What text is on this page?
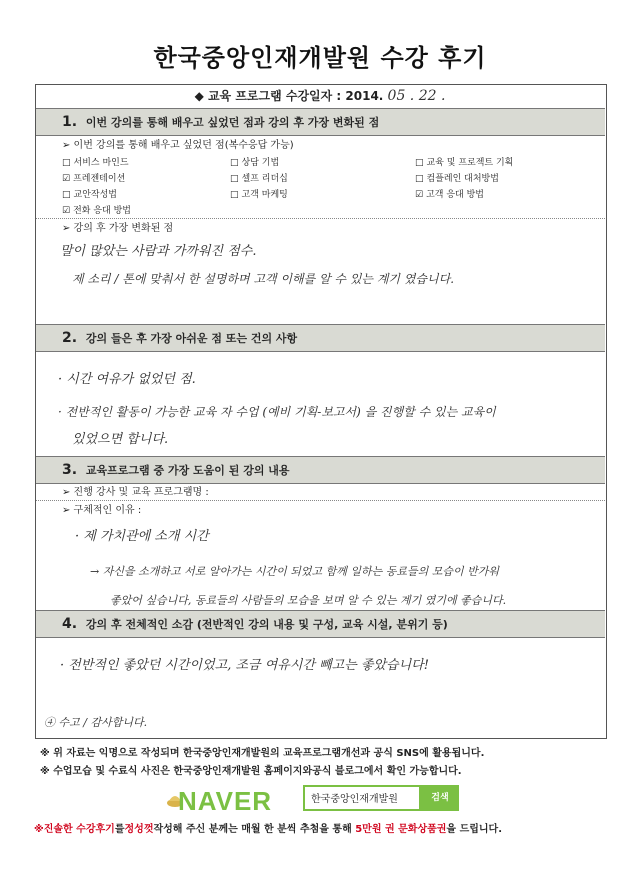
한국중앙인재개발원 수강 후기
◆ 교육 프로그램 수강일자 : 2014. 05 . 22 .
1. 이번 강의를 통해 배우고 싶었던 점과 강의 후 가장 변화된 점
➢ 이번 강의를 통해 배우고 싶었던 점(복수응답 가능)
□ 서비스 마인드	□ 상담 기법	□ 교육 및 프로젝트 기획
☑ 프레젠테이션	□ 셀프 리더십	□ 컴플레인 대처방법
□ 교안작성법	□ 고객 마케팅	☑ 고객 응대 방법
☑ 전화 응대 방법
➢ 강의 후 가장 변화된 점
말이 많았는 사람과 가까워진 점수.
제 소리 / 톤에 맞춰서 한 설명하며 고객 이해를 알 수 있는 계기 였습니다.
2. 강의 들은 후 가장 아쉬운 점 또는 건의 사항
· 시간 여유가 없었던 점.
· 전반적인 활동이 가능한 교육 자 수업 (예비 기획-보고서) 을 진행할 수 있는 교육이
있었으면 합니다.
3. 교육프로그램 중 가장 도움이 된 강의 내용
➢ 진행 강사 및 교육 프로그램명 :
➢ 구체적인 이유 :
· 제 가치관에 소개 시간
→ 자신을 소개하고 서로 알아가는 시간이 되었고 함께 일하는 동료들의 모습이 반가워
좋았어 싶습니다, 동료들의 사람들의 모습을 보며 알 수 있는 계기 였기에 좋습니다.
4. 강의 후 전체적인 소감 (전반적인 강의 내용 및 구성, 교육 시설, 분위기 등)
· 전반적인 좋았던 시간이었고, 조금 여유시간 빼고는 좋았습니다!
④ 수고 / 감사합니다.
※ 위 자료는 익명으로 작성되며 한국중앙인재개발원의 교육프로그램개선과 공식 SNS에 활용됩니다.
※ 수업모습 및 수료식 사진은 한국중앙인재개발원 홈페이지와공식 블로그에서 확인 가능합니다.
NAVER	한국중앙인재개발원	검색
※진솔한 수강후기를정성껏작성해 주신 분께는 매월 한 분씩 추첨을 통해 5만원 권 문화상품권을 드립니다.
